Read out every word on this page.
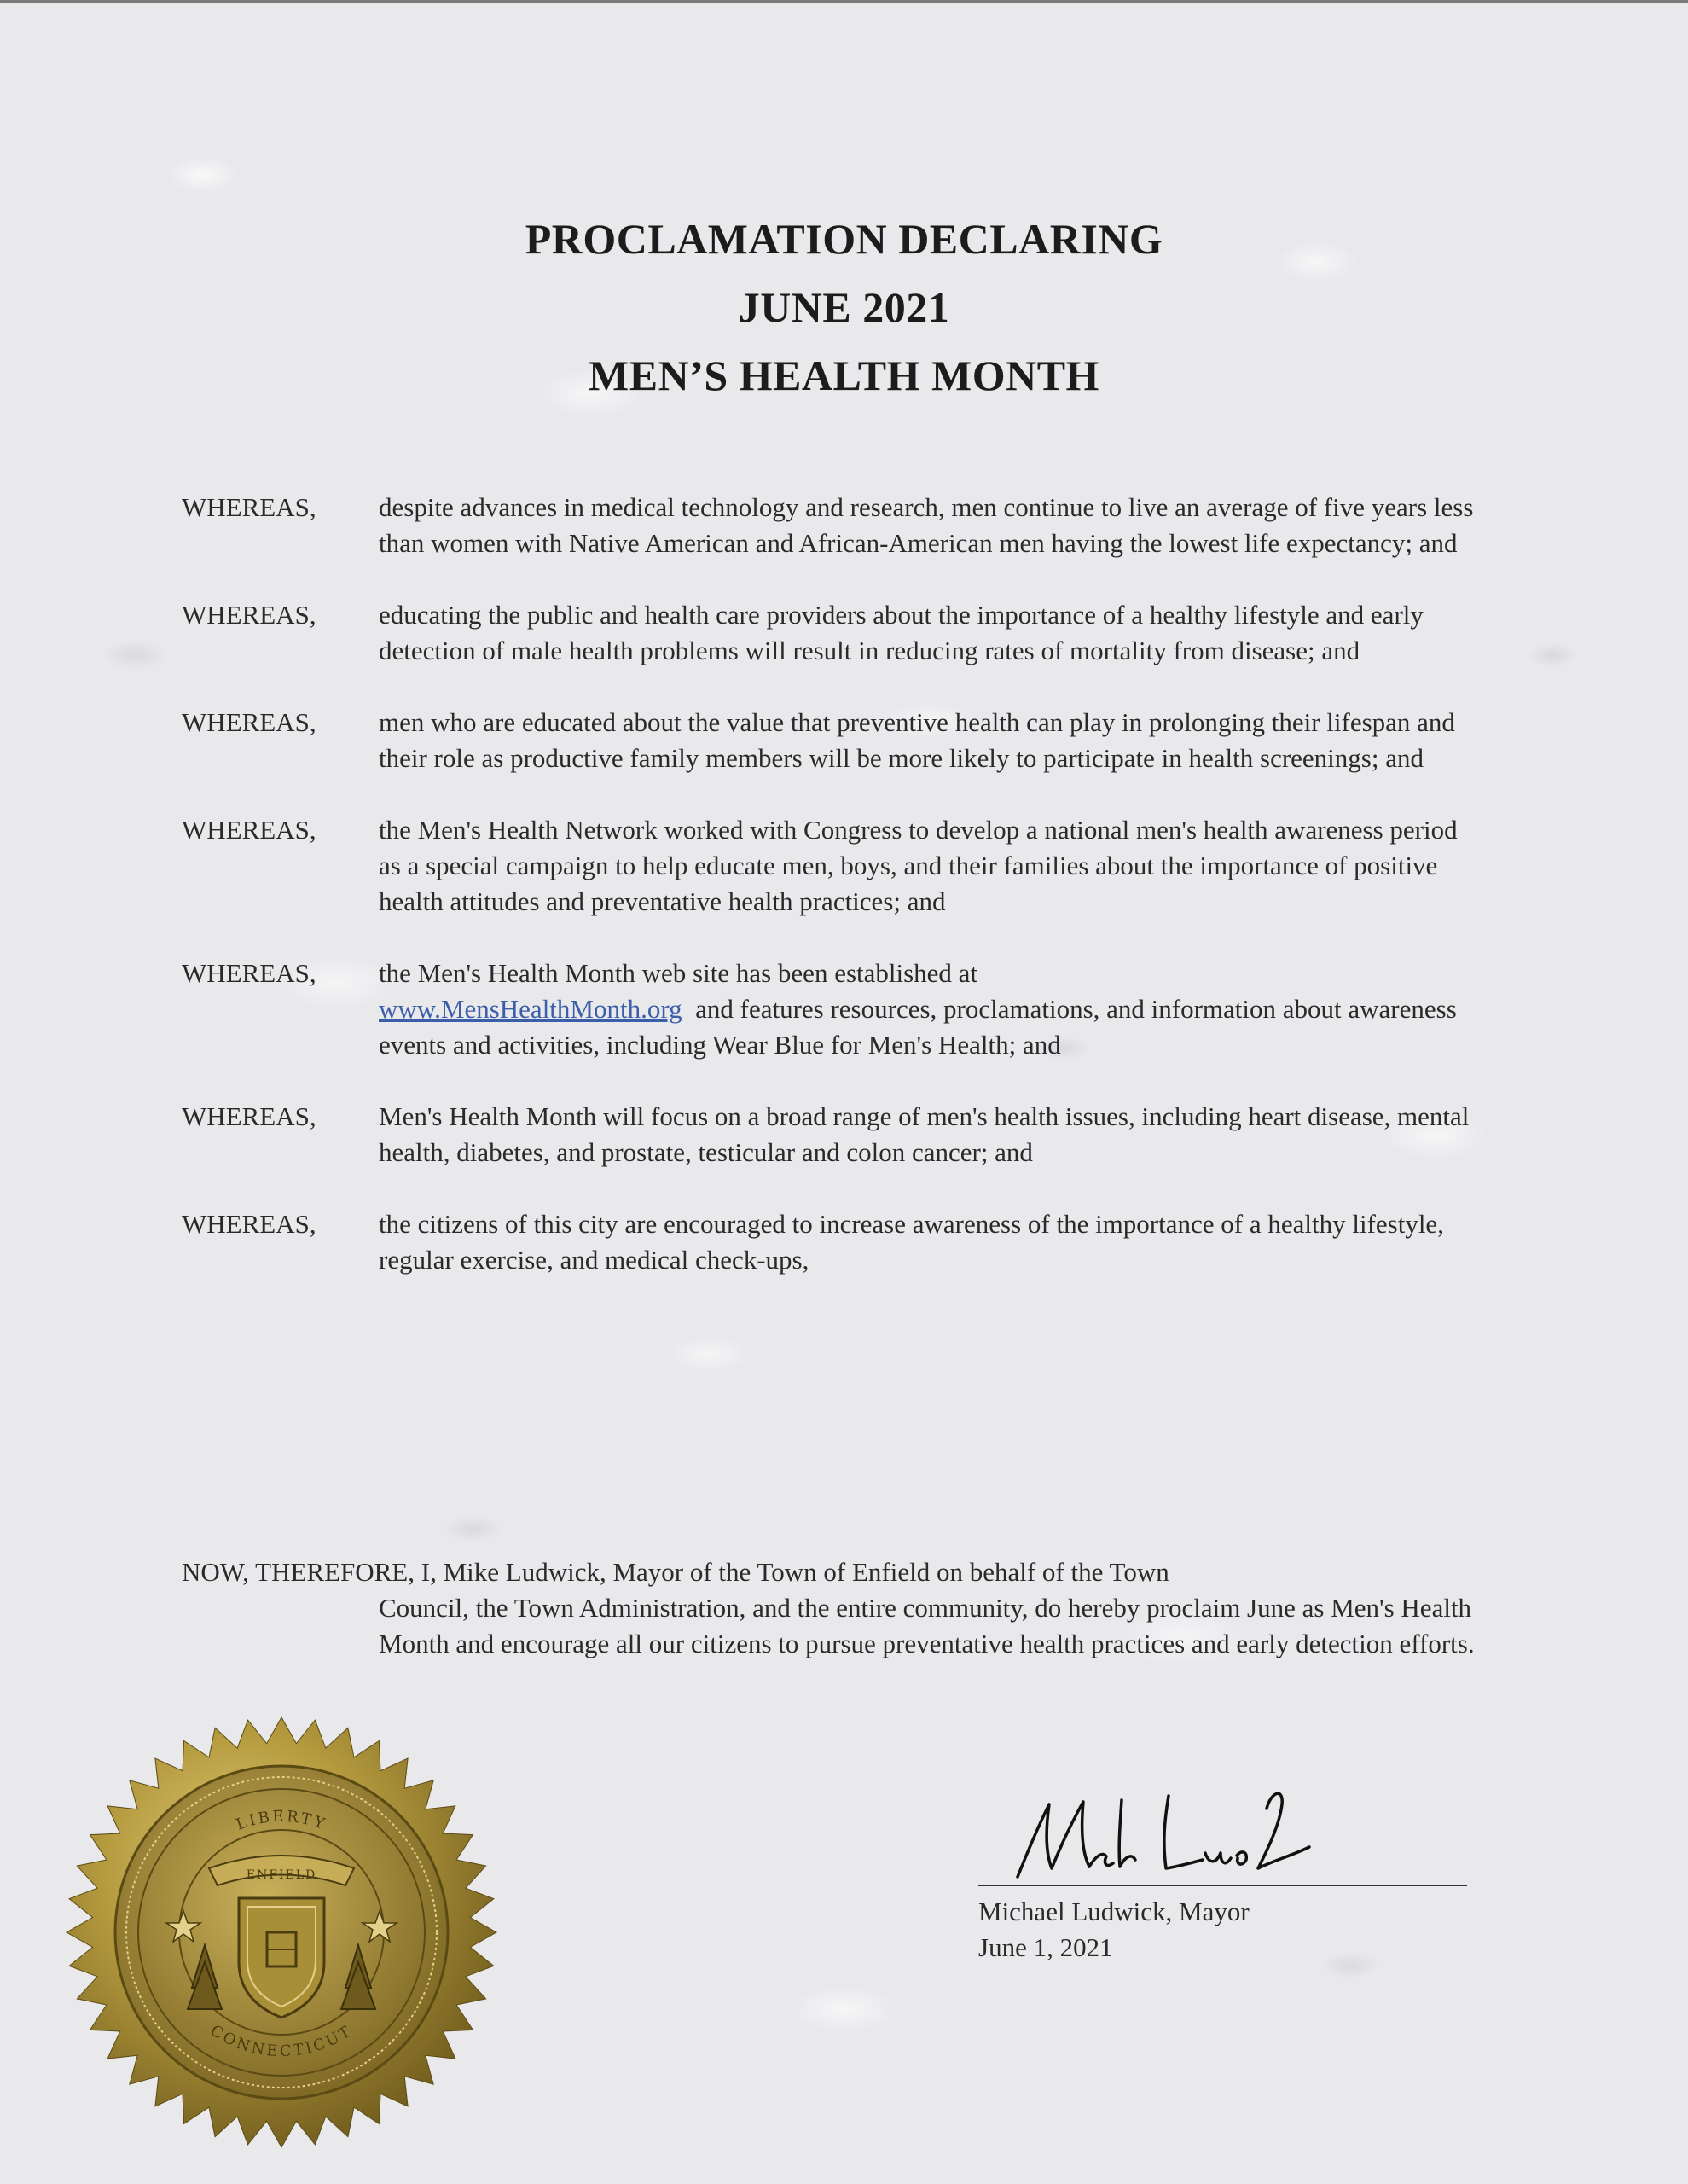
PROCLAMATION DECLARING
JUNE 2021
MEN’S HEALTH MONTH
WHEREAS, despite advances in medical technology and research, men continue to live an average of five years less than women with Native American and African-American men having the lowest life expectancy; and
WHEREAS, educating the public and health care providers about the importance of a healthy lifestyle and early detection of male health problems will result in reducing rates of mortality from disease; and
WHEREAS, men who are educated about the value that preventive health can play in prolonging their lifespan and their role as productive family members will be more likely to participate in health screenings; and
WHEREAS, the Men's Health Network worked with Congress to develop a national men's health awareness period as a special campaign to help educate men, boys, and their families about the importance of positive health attitudes and preventative health practices; and
WHEREAS, the Men's Health Month web site has been established at
www.MensHealthMonth.org and features resources, proclamations, and information about awareness events and activities, including Wear Blue for Men's Health; and
WHEREAS, Men's Health Month will focus on a broad range of men's health issues, including heart disease, mental health, diabetes, and prostate, testicular and colon cancer; and
WHEREAS, the citizens of this city are encouraged to increase awareness of the importance of a healthy lifestyle, regular exercise, and medical check-ups,
NOW, THEREFORE, I, Mike Ludwick, Mayor of the Town of Enfield on behalf of the Town
Council, the Town Administration, and the entire community, do hereby proclaim June as Men's Health Month and encourage all our citizens to pursue preventative health practices and early detection efforts.
LIBERTY
CONNECTICUT
ENFIELD
Michael Ludwick, Mayor
June 1, 2021
